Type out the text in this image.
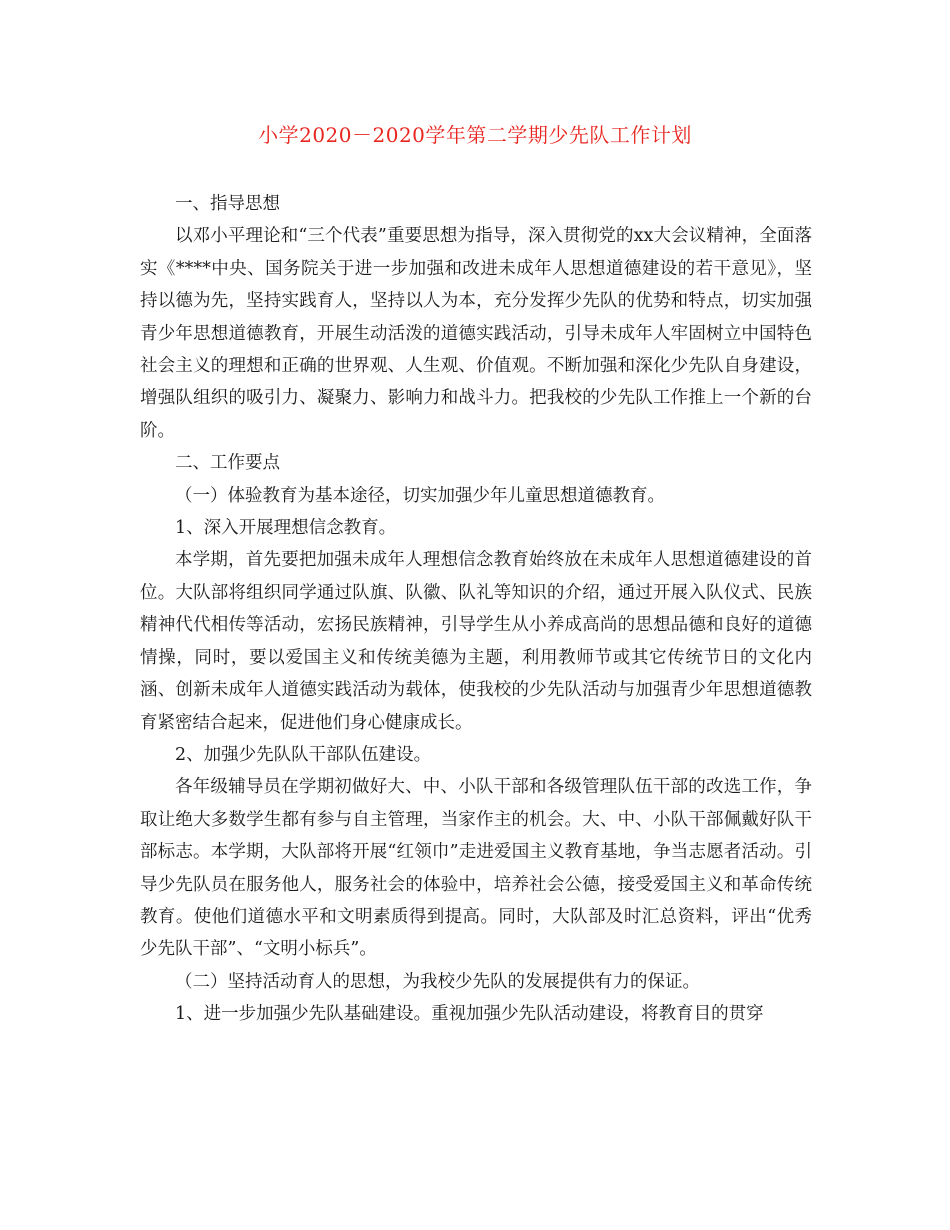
小学2020－2020学年第二学期少先队工作计划

一、指导思想

以邓小平理论和“三个代表”重要思想为指导，深入贯彻党的xx大会议精神，全面落实《****中央、国务院关于进一步加强和改进未成年人思想道德建设的若干意见》，坚持以德为先，坚持实践育人，坚持以人为本，充分发挥少先队的优势和特点，切实加强青少年思想道德教育，开展生动活泼的道德实践活动，引导未成年人牢固树立中国特色社会主义的理想和正确的世界观、人生观、价值观。不断加强和深化少先队自身建设，增强队组织的吸引力、凝聚力、影响力和战斗力。把我校的少先队工作推上一个新的台阶。

二、工作要点

（一）体验教育为基本途径，切实加强少年儿童思想道德教育。

1、深入开展理想信念教育。

本学期，首先要把加强未成年人理想信念教育始终放在未成年人思想道德建设的首位。大队部将组织同学通过队旗、队徽、队礼等知识的介绍，通过开展入队仪式、民族精神代代相传等活动，宏扬民族精神，引导学生从小养成高尚的思想品德和良好的道德情操，同时，要以爱国主义和传统美德为主题，利用教师节或其它传统节日的文化内涵、创新未成年人道德实践活动为载体，使我校的少先队活动与加强青少年思想道德教育紧密结合起来，促进他们身心健康成长。

2、加强少先队队干部队伍建设。

各年级辅导员在学期初做好大、中、小队干部和各级管理队伍干部的改选工作，争取让绝大多数学生都有参与自主管理，当家作主的机会。大、中、小队干部佩戴好队干部标志。本学期，大队部将开展“红领巾”走进爱国主义教育基地，争当志愿者活动。引导少先队员在服务他人，服务社会的体验中，培养社会公德，接受爱国主义和革命传统教育。使他们道德水平和文明素质得到提高。同时，大队部及时汇总资料，评出“优秀少先队干部”、“文明小标兵”。

（二）坚持活动育人的思想，为我校少先队的发展提供有力的保证。

1、进一步加强少先队基础建设。重视加强少先队活动建设，将教育目的贯穿
